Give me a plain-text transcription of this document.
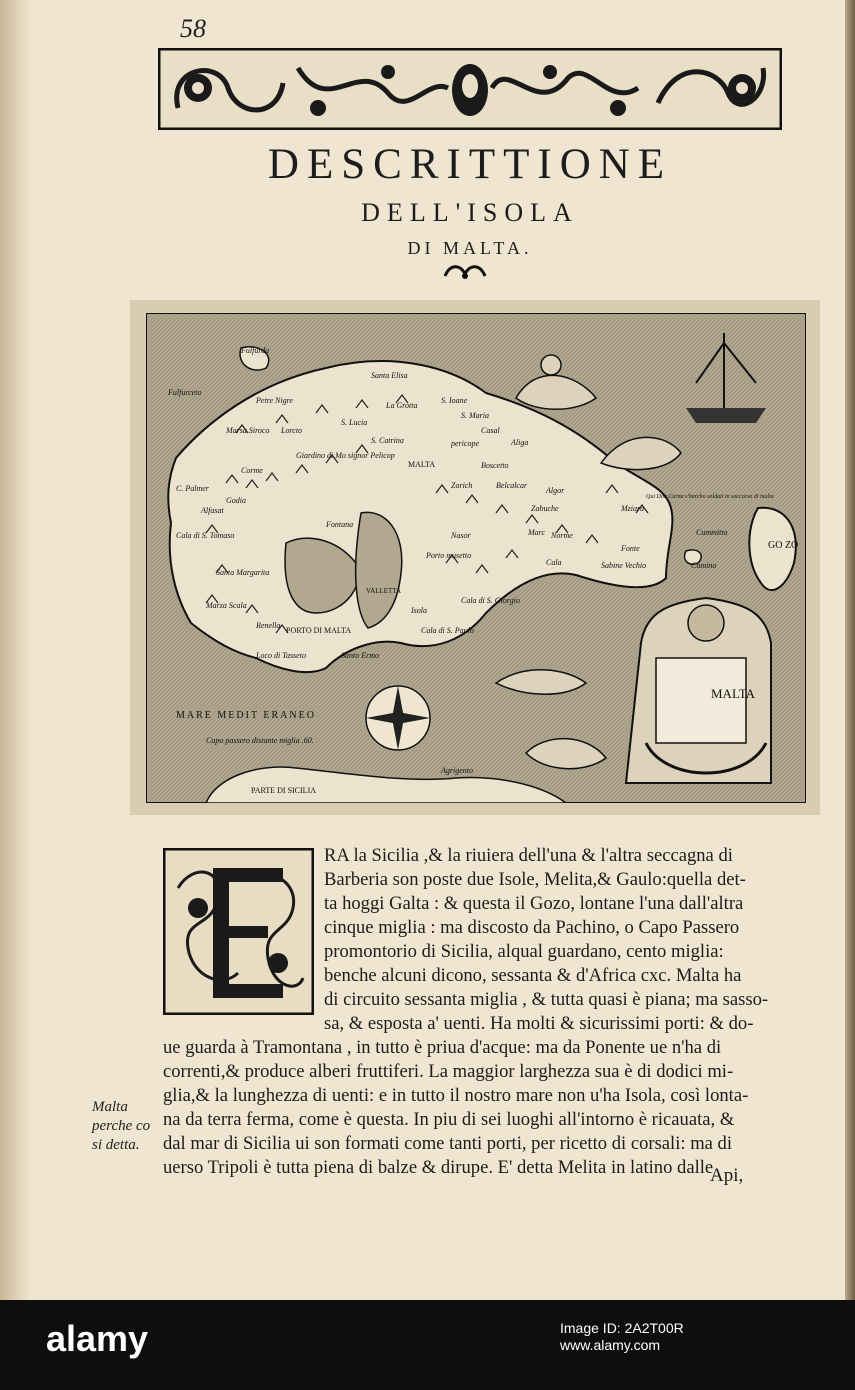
58
DESCRITTIONE
DELL'ISOLA
DI MALTA.
MALTA
MARE MEDIT ERANEO
Capo passero distante miglia .60.
PARTE DI SICILIA
Agrigento
MALTA
PORTO DI MALTA
Santo Ermo
Isola
VALLETTA
Cala di S. Paulo
Cala di S. Giorgio
Cala di S. Tomaso
Santa Margarita
Marza Scala
Renella
Loco di Tasseto
Fontana
Alfasat
Godia
C. Palmer
Corme
Marsa Siroco
Petre Nigre
Lorcto
Giardino di Mo signor Pelicop
S. Catrina
S. Lucia
La Grotta
Santa Elisa
S. Ioane
S. Maria
Casal
pericope	Aliga
Boscetto
Zorich	Belcalcar
Algor
Zabuche	Mziara
Nasor	Norme
Marc
Cala
Fonte
Sabine Vechio
Porto musetto
Fulfurda
Fulfurceto
Cumino
Cummitto
GO ZO
Qui Don Carna s'barcho soldati in soccorso di malta
RA la Sicilia ,& la riuiera dell'una & l'altra seccagna di
Barberia son poste due Isole, Melita,& Gaulo:quella det-
ta hoggi Galta : & questa il Gozo, lontane l'una dall'altra
cinque miglia : ma discosto da Pachino, o Capo Passero
promontorio di Sicilia, alqual guardano, cento miglia:
benche alcuni dicono, sessanta & d'Africa cxc. Malta ha
di circuito sessanta miglia , & tutta quasi è piana; ma sasso-
sa, & esposta a' uenti. Ha molti & sicurissimi porti: & do-
ue guarda à Tramontana , in tutto è priua d'acque: ma da Ponente ue n'ha di
correnti,& produce alberi fruttiferi. La maggior larghezza sua è di dodici mi-
glia,& la lunghezza di uenti: e in tutto il nostro mare non u'ha Isola, così lonta-
na da terra ferma, come è questa. In piu di sei luoghi all'intorno è ricauata, &
dal mar di Sicilia ui son formati come tanti porti, per ricetto di corsali: ma di
uerso Tripoli è tutta piena di balze & dirupe. E' detta Melita in latino dalle
Malta
perche co
si detta.
Api,
alamy	Image ID: 2A2T00R
www.alamy.com
